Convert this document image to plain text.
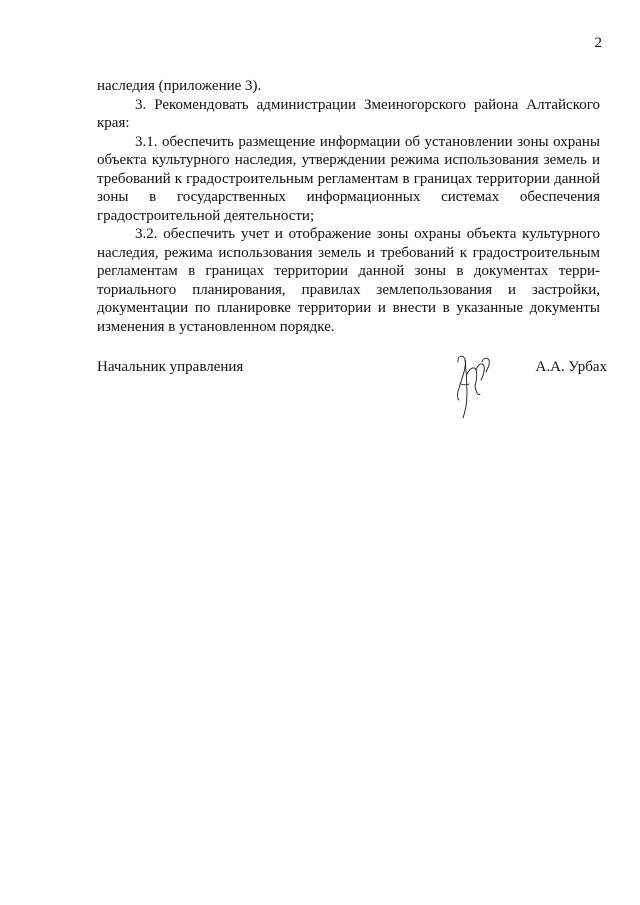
2

наследия (приложение 3).

3. Рекомендовать администрации Змеиногорского района Алтайского края:

3.1. обеспечить размещение информации об установлении зоны охраны объекта культурного наследия, утверждении режима использования земель и требований к градостроительным регламентам в границах территории данной зоны в государственных информационных системах обеспечения градостроительной деятельности;

3.2. обеспечить учет и отображение зоны охраны объекта культурного наследия, режима использования земель и требований к градостроительным регламентам в границах территории данной зоны в документах территориального планирования, правилах землепользования и застройки, документации по планировке территории и внести в указанные документы изменения в установленном порядке.

Начальник управления	А.А. Урбах
